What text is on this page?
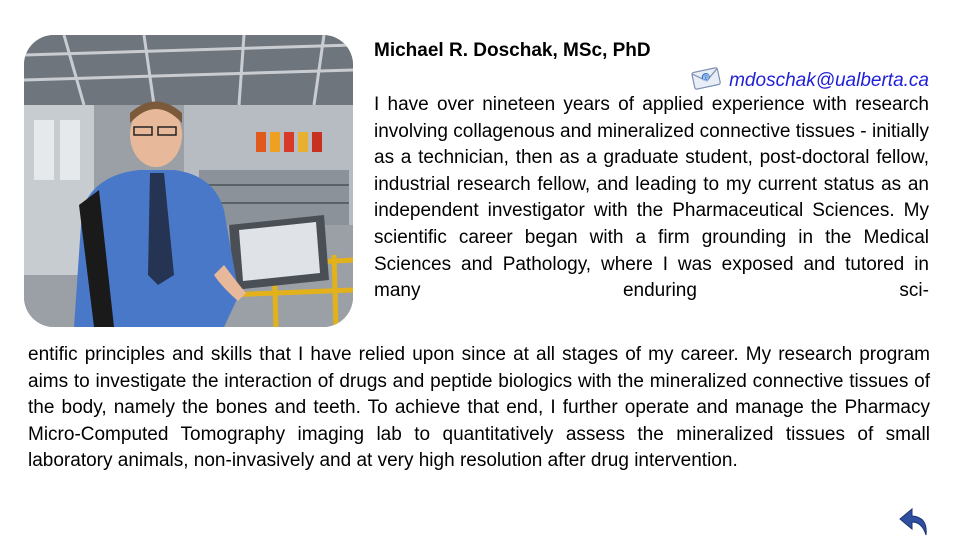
Michael R. Doschak, MSc, PhD
@ mdoschak@ualberta.ca

I have over nineteen years of applied experience with research involving collagenous and mineralized connective tissues - initially as a technician, then as a graduate student, post-doctoral fellow, industrial research fellow, and leading to my current status as an independent investigator with the Pharmaceutical Sciences. My scientific career began with a firm grounding in the Medical Sciences and Pathology, where I was exposed and tutored in many enduring sci-

entific principles and skills that I have relied upon since at all stages of my career. My research program aims to investigate the interaction of drugs and peptide biologics with the mineralized connective tissues of the body, namely the bones and teeth. To achieve that end, I further operate and manage the Pharmacy Micro-Computed Tomography imaging lab to quantitatively assess the mineralized tissues of small laboratory animals, non-invasively and at very high resolution after drug intervention.
